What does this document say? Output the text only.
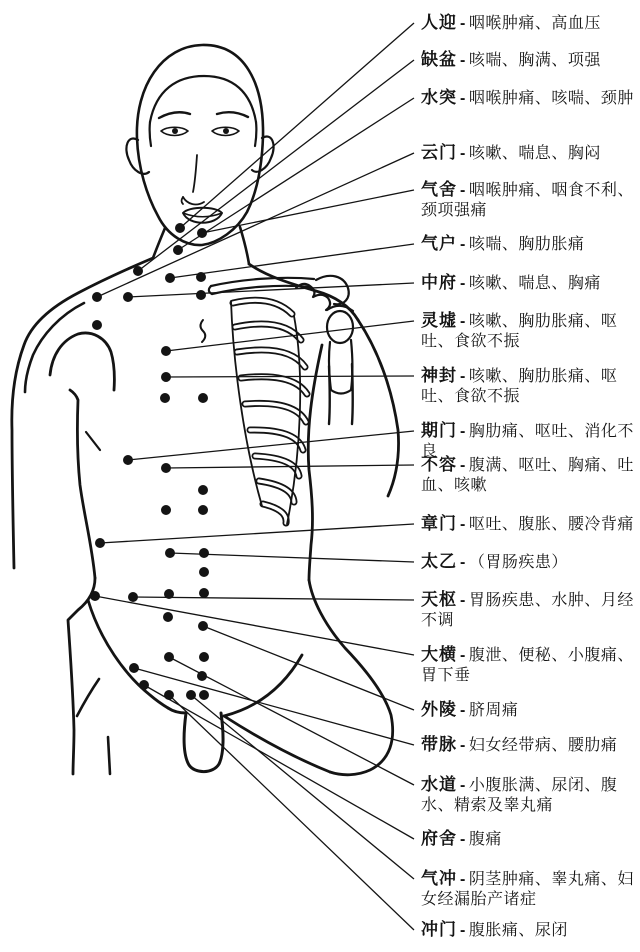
人迎 - 咽喉肿痛、高血压
缺盆 - 咳喘、胸满、项强
水突 - 咽喉肿痛、咳喘、颈肿
云门 - 咳嗽、喘息、胸闷
气舍 - 咽喉肿痛、咽食不利、颈项强痛
气户 - 咳喘、胸肋胀痛
中府 - 咳嗽、喘息、胸痛
灵墟 - 咳嗽、胸肋胀痛、呕吐、食欲不振
神封 - 咳嗽、胸肋胀痛、呕吐、食欲不振
期门 - 胸肋痛、呕吐、消化不良
不容 - 腹满、呕吐、胸痛、吐血、咳嗽
章门 - 呕吐、腹胀、腰冷背痛
太乙 - （胃肠疾患）
天枢 - 胃肠疾患、水肿、月经不调
大横 - 腹泄、便秘、小腹痛、胃下垂
外陵 - 脐周痛
带脉 - 妇女经带病、腰肋痛
水道 - 小腹胀满、尿闭、腹水、精索及睾丸痛
府舍 - 腹痛
气冲 - 阴茎肿痛、睾丸痛、妇女经漏胎产诸症
冲门 - 腹胀痛、尿闭
